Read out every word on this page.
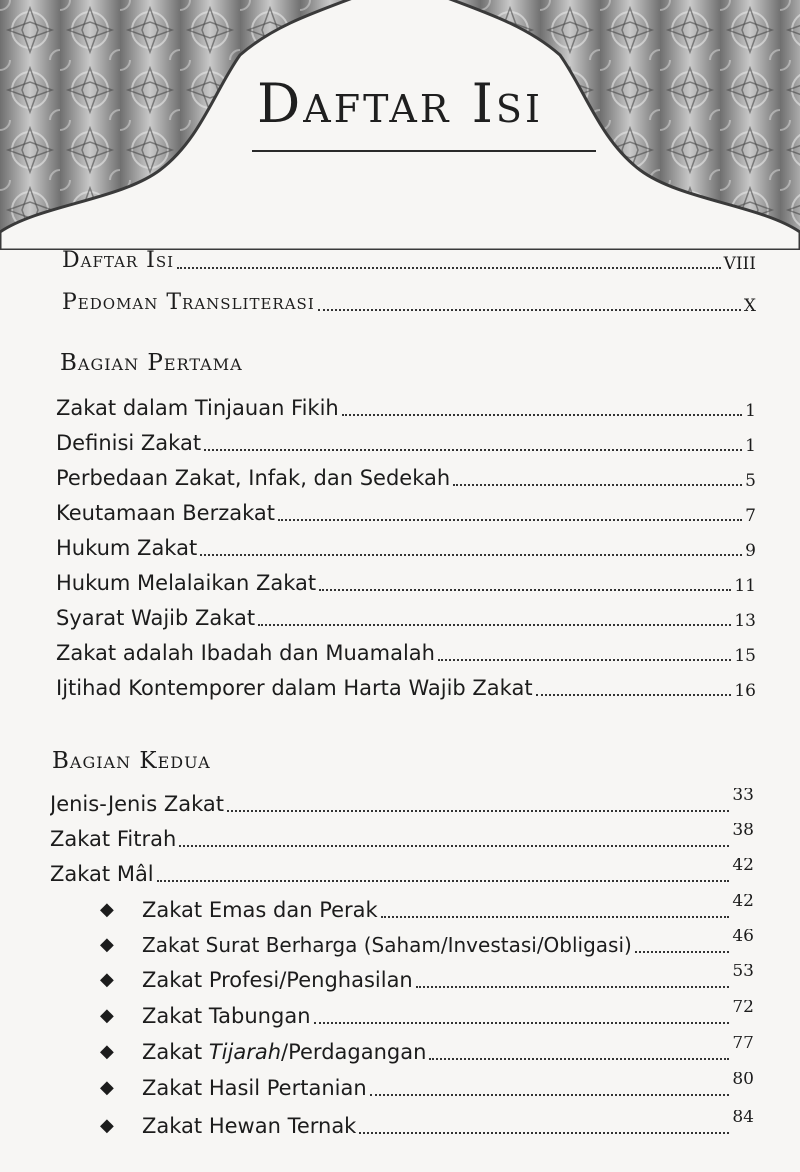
Daftar Isi
Daftar Isi	VIII
Pedoman Transliterasi	X
Bagian Pertama
Zakat dalam Tinjauan Fikih	1
Definisi Zakat	1
Perbedaan Zakat, Infak, dan Sedekah	5
Keutamaan Berzakat	7
Hukum Zakat	9
Hukum Melalaikan Zakat	11
Syarat Wajib Zakat	13
Zakat adalah Ibadah dan Muamalah	15
Ijtihad Kontemporer dalam Harta Wajib Zakat	16
Bagian Kedua
Jenis-Jenis Zakat	33
Zakat Fitrah	38
Zakat Mâl	42
◆	Zakat Emas dan Perak	42
◆	Zakat Surat Berharga (Saham/Investasi/Obligasi)	46
◆	Zakat Profesi/Penghasilan	53
◆	Zakat Tabungan	72
◆	Zakat Tijarah/Perdagangan	77
◆	Zakat Hasil Pertanian	80
◆	Zakat Hewan Ternak	84
